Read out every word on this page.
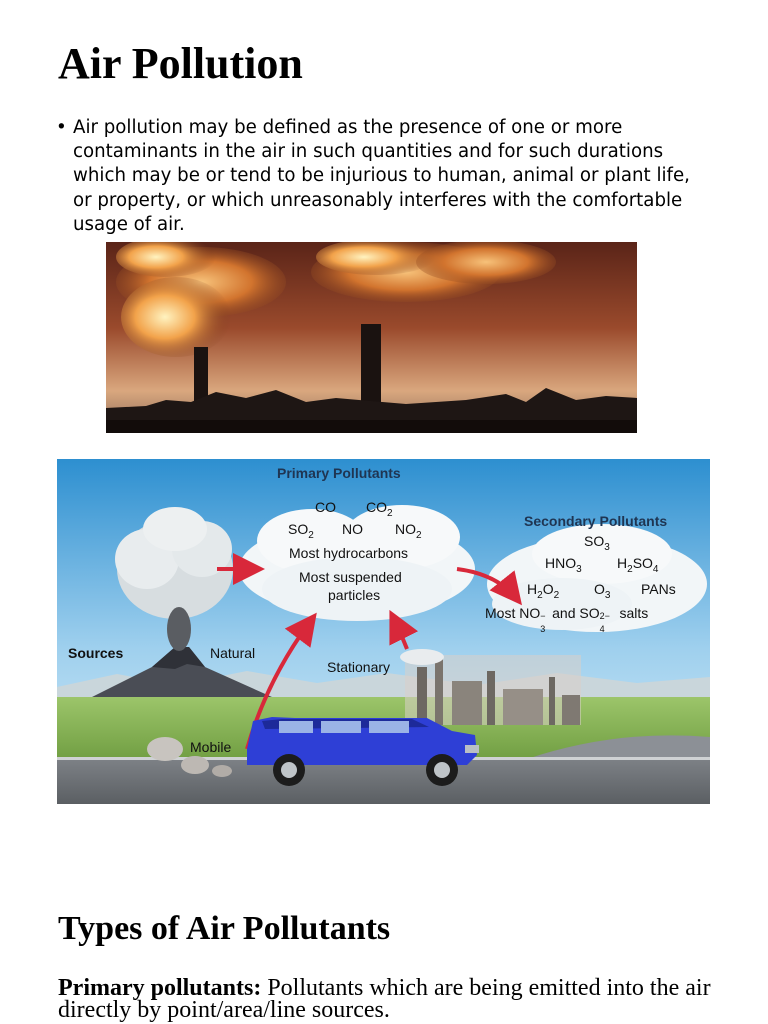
Air Pollution
• Air pollution may be defined as the presence of one or more contaminants in the air in such quantities and for such durations which may be or tend to be injurious to human, animal or plant life, or property, or which unreasonably interferes with the comfortable usage of air.
Primary Pollutants
CO $CO_2$
$SO_2$ NO $NO_2$
Most hydrocarbons
Most suspended
particles
Secondary Pollutants
$SO_3$
$HNO_3$	$H_2SO_4$
$H_2O_2$ $O_3$ PANs
Most NO −
3
and SO 2−
4
salts
Sources	Natural
Stationary
Mobile
Types of Air Pollutants

Primary pollutants: Pollutants which are being emitted into the air directly by point/area/line sources.
